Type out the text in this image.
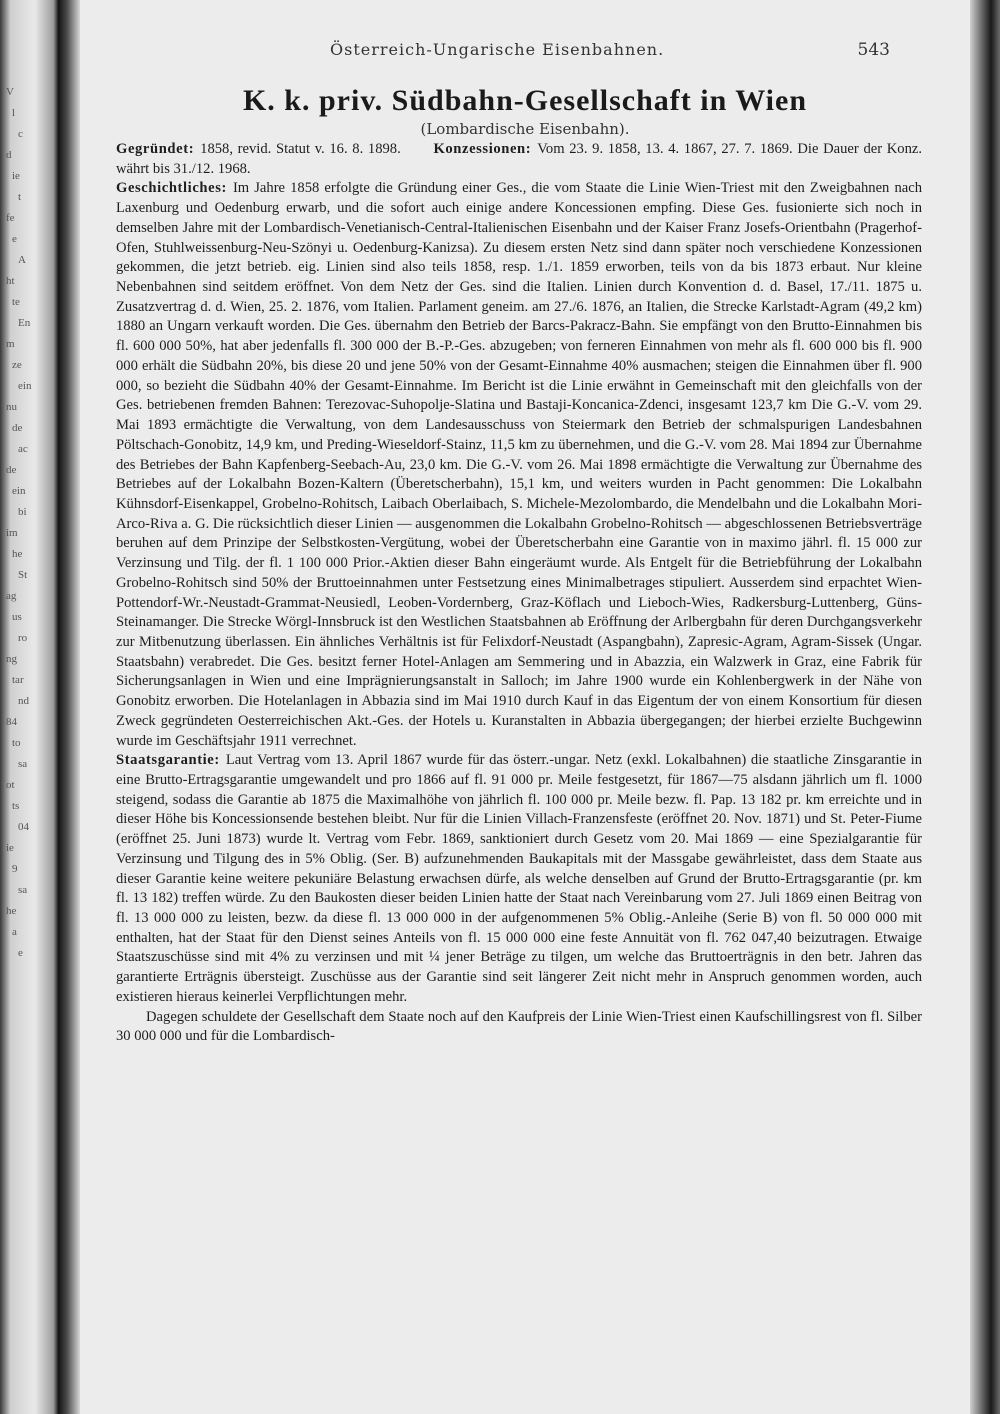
V
l
c
d
ie
t
fe
e
A
ht
te
En
m
ze
ein
nu
de
ac
de
ein
bi
im
he
St
ag
us
ro
ng
tar
nd
84
to
sa
ot
ts
04
ie
9
sa
he
a
e
Österreich-Ungarische Eisenbahnen.	543
K. k. priv. Südbahn-Gesellschaft in Wien
(Lombardische Eisenbahn).

Gegründet: 1858, revid. Statut v. 16. 8. 1898. Konzessionen: Vom 23. 9. 1858, 13. 4. 1867, 27. 7. 1869. Die Dauer der Konz. währt bis 31./12. 1968.

Geschichtliches: Im Jahre 1858 erfolgte die Gründung einer Ges., die vom Staate die Linie Wien-Triest mit den Zweigbahnen nach Laxenburg und Oedenburg erwarb, und die sofort auch einige andere Koncessionen empfing. Diese Ges. fusionierte sich noch in demselben Jahre mit der Lombardisch-Venetianisch-Central-Italienischen Eisenbahn und der Kaiser Franz Josefs-Orientbahn (Pragerhof-Ofen, Stuhlweissenburg-Neu-Szönyi u. Oedenburg-Kanizsa). Zu diesem ersten Netz sind dann später noch verschiedene Konzessionen gekommen, die jetzt betrieb. eig. Linien sind also teils 1858, resp. 1./1. 1859 erworben, teils von da bis 1873 erbaut. Nur kleine Nebenbahnen sind seitdem eröffnet. Von dem Netz der Ges. sind die Italien. Linien durch Konvention d. d. Basel, 17./11. 1875 u. Zusatzvertrag d. d. Wien, 25. 2. 1876, vom Italien. Parlament geneim. am 27./6. 1876, an Italien, die Strecke Karlstadt-Agram (49,2 km) 1880 an Ungarn verkauft worden. Die Ges. übernahm den Betrieb der Barcs-Pakracz-Bahn. Sie empfängt von den Brutto-Einnahmen bis fl. 600 000 50%, hat aber jedenfalls fl. 300 000 der B.-P.-Ges. abzugeben; von ferneren Einnahmen von mehr als fl. 600 000 bis fl. 900 000 erhält die Südbahn 20%, bis diese 20 und jene 50% von der Gesamt-Einnahme 40% ausmachen; steigen die Einnahmen über fl. 900 000, so bezieht die Südbahn 40% der Gesamt-Einnahme. Im Bericht ist die Linie erwähnt in Gemeinschaft mit den gleichfalls von der Ges. betriebenen fremden Bahnen: Terezovac-Suhopolje-Slatina und Bastaji-Koncanica-Zdenci, insgesamt 123,7 km Die G.-V. vom 29. Mai 1893 ermächtigte die Verwaltung, von dem Landesausschuss von Steiermark den Betrieb der schmalspurigen Landesbahnen Pöltschach-Gonobitz, 14,9 km, und Preding-Wieseldorf-Stainz, 11,5 km zu übernehmen, und die G.-V. vom 28. Mai 1894 zur Übernahme des Betriebes der Bahn Kapfenberg-Seebach-Au, 23,0 km. Die G.-V. vom 26. Mai 1898 ermächtigte die Verwaltung zur Übernahme des Betriebes auf der Lokalbahn Bozen-Kaltern (Überetscherbahn), 15,1 km, und weiters wurden in Pacht genommen: Die Lokalbahn Kühnsdorf-Eisenkappel, Grobelno-Rohitsch, Laibach Oberlaibach, S. Michele-Mezolombardo, die Mendelbahn und die Lokalbahn Mori-Arco-Riva a. G. Die rücksichtlich dieser Linien — ausgenommen die Lokalbahn Grobelno-Rohitsch — abgeschlossenen Betriebsverträge beruhen auf dem Prinzipe der Selbstkosten-Vergütung, wobei der Überetscherbahn eine Garantie von in maximo jährl. fl. 15 000 zur Verzinsung und Tilg. der fl. 1 100 000 Prior.-Aktien dieser Bahn eingeräumt wurde. Als Entgelt für die Betriebführung der Lokalbahn Grobelno-Rohitsch sind 50% der Bruttoeinnahmen unter Festsetzung eines Minimalbetrages stipuliert. Ausserdem sind erpachtet Wien-Pottendorf-Wr.-Neustadt-Grammat-Neusiedl, Leoben-Vordernberg, Graz-Köflach und Lieboch-Wies, Radkersburg-Luttenberg, Güns-Steinamanger. Die Strecke Wörgl-Innsbruck ist den Westlichen Staatsbahnen ab Eröffnung der Arlbergbahn für deren Durchgangsverkehr zur Mitbenutzung überlassen. Ein ähnliches Verhältnis ist für Felixdorf-Neustadt (Aspangbahn), Zapresic-Agram, Agram-Sissek (Ungar. Staatsbahn) verabredet. Die Ges. besitzt ferner Hotel-Anlagen am Semmering und in Abazzia, ein Walzwerk in Graz, eine Fabrik für Sicherungsanlagen in Wien und eine Imprägnierungsanstalt in Salloch; im Jahre 1900 wurde ein Kohlenbergwerk in der Nähe von Gonobitz erworben. Die Hotelanlagen in Abbazia sind im Mai 1910 durch Kauf in das Eigentum der von einem Konsortium für diesen Zweck gegründeten Oesterreichischen Akt.-Ges. der Hotels u. Kuranstalten in Abbazia übergegangen; der hierbei erzielte Buchgewinn wurde im Geschäftsjahr 1911 verrechnet.

Staatsgarantie: Laut Vertrag vom 13. April 1867 wurde für das österr.-ungar. Netz (exkl. Lokalbahnen) die staatliche Zinsgarantie in eine Brutto-Ertragsgarantie umgewandelt und pro 1866 auf fl. 91 000 pr. Meile festgesetzt, für 1867—75 alsdann jährlich um fl. 1000 steigend, sodass die Garantie ab 1875 die Maximalhöhe von jährlich fl. 100 000 pr. Meile bezw. fl. Pap. 13 182 pr. km erreichte und in dieser Höhe bis Koncessionsende bestehen bleibt. Nur für die Linien Villach-Franzensfeste (eröffnet 20. Nov. 1871) und St. Peter-Fiume (eröffnet 25. Juni 1873) wurde lt. Vertrag vom Febr. 1869, sanktioniert durch Gesetz vom 20. Mai 1869 — eine Spezialgarantie für Verzinsung und Tilgung des in 5% Oblig. (Ser. B) aufzunehmenden Baukapitals mit der Massgabe gewährleistet, dass dem Staate aus dieser Garantie keine weitere pekuniäre Belastung erwachsen dürfe, als welche denselben auf Grund der Brutto-Ertragsgarantie (pr. km fl. 13 182) treffen würde. Zu den Baukosten dieser beiden Linien hatte der Staat nach Vereinbarung vom 27. Juli 1869 einen Beitrag von fl. 13 000 000 zu leisten, bezw. da diese fl. 13 000 000 in der aufgenommenen 5% Oblig.-Anleihe (Serie B) von fl. 50 000 000 mit enthalten, hat der Staat für den Dienst seines Anteils von fl. 15 000 000 eine feste Annuität von fl. 762 047,40 beizutragen. Etwaige Staatszuschüsse sind mit 4% zu verzinsen und mit ¼ jener Beträge zu tilgen, um welche das Bruttoerträgnis in den betr. Jahren das garantierte Erträgnis übersteigt. Zuschüsse aus der Garantie sind seit längerer Zeit nicht mehr in Anspruch genommen worden, auch existieren hieraus keinerlei Verpflichtungen mehr.

Dagegen schuldete der Gesellschaft dem Staate noch auf den Kaufpreis der Linie Wien-Triest einen Kaufschillingsrest von fl. Silber 30 000 000 und für die Lombardisch-
